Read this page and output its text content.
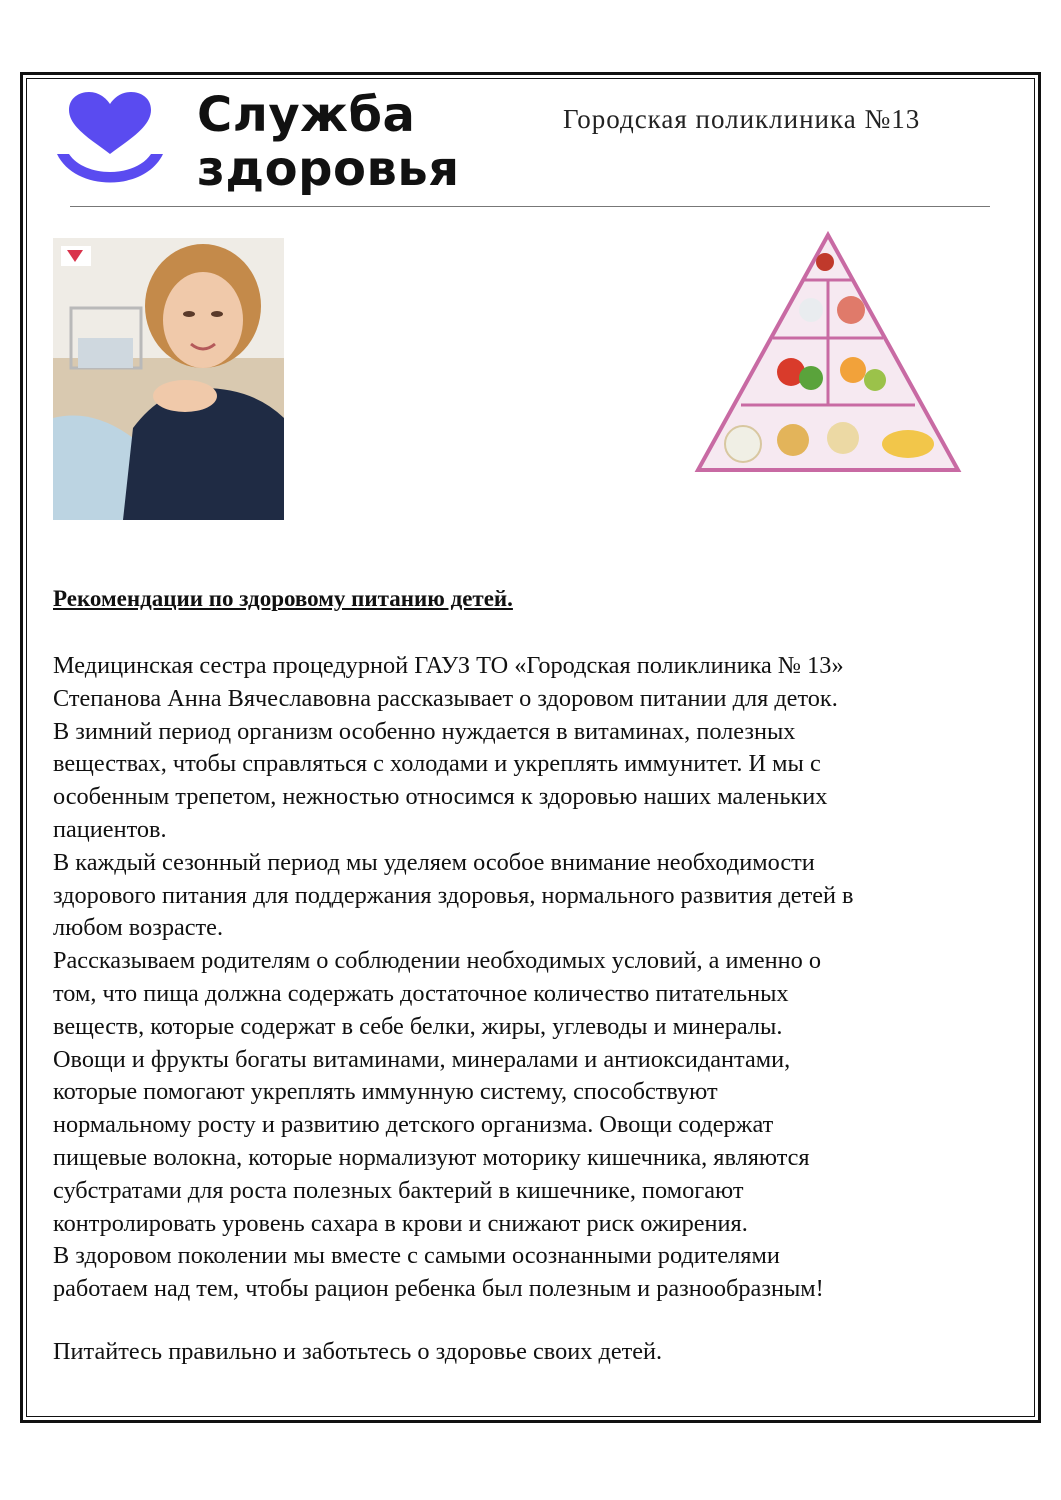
Служба
здоровья
Городская поликлиника №13
Рекомендации по здоровому питанию детей.

Медицинская сестра процедурной ГАУЗ ТО «Городская поликлиника № 13»

Степанова Анна Вячеславовна рассказывает о здоровом питании для деток.

В зимний период организм особенно нуждается в витаминах, полезных

веществах, чтобы справляться с холодами и укреплять иммунитет. И мы с

особенным трепетом, нежностью относимся к здоровью наших маленьких

пациентов.

В каждый сезонный период мы уделяем особое внимание необходимости

здорового питания для поддержания здоровья, нормального развития детей в

любом возрасте.

Рассказываем родителям о соблюдении необходимых условий, а именно о

том, что пища должна содержать достаточное количество питательных

веществ, которые содержат в себе белки, жиры, углеводы и минералы.

Овощи и фрукты богаты витаминами, минералами и антиоксидантами,

которые помогают укреплять иммунную систему, способствуют

нормальному росту и развитию детского организма. Овощи содержат

пищевые волокна, которые нормализуют моторику кишечника, являются

субстратами для роста полезных бактерий в кишечнике, помогают

контролировать уровень сахара в крови и снижают риск ожирения.

В здоровом поколении мы вместе с самыми осознанными родителями

работаем над тем, чтобы рацион ребенка был полезным и разнообразным!

Питайтесь правильно и заботьтесь о здоровье своих детей.
